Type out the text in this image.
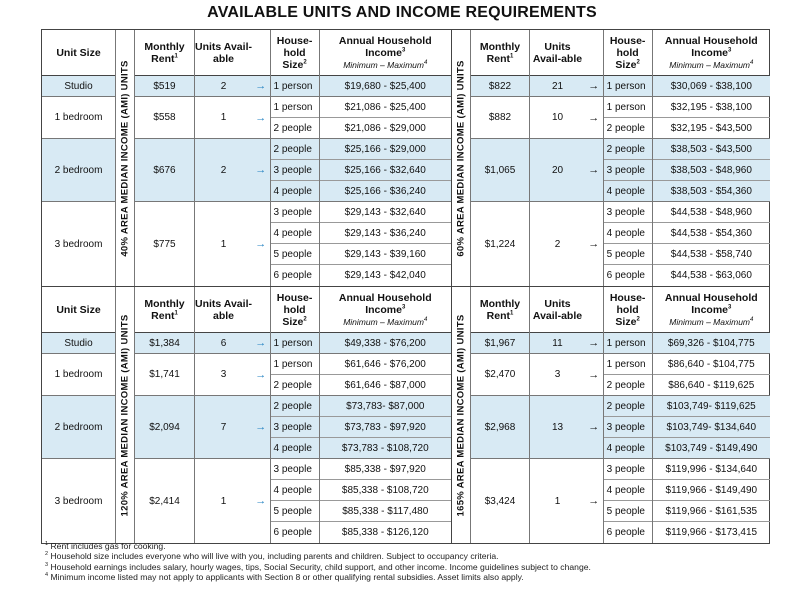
AVAILABLE UNITS AND INCOME REQUIREMENTS
Unit Size
Studio
1 bedroom
2 bedroom
3 bedroom	40% AREA MEDIAN INCOME (AMI) UNITS
Monthly Rent$^1$
$519
$558
$676
$775
Units Avail-able
2
1
2
1
→
→
→
→
House-hold Size$^2$
1 person
1 person
2 people
2 people
3 people
4 people
3 people
4 people
5 people
6 people
Annual Household Income$^3$
Minimum – Maximum$^4$
$19,680 - $25,400
$21,086 - $25,400
$21,086 - $29,000
$25,166 - $29,000
$25,166 - $32,640
$25,166 - $36,240
$29,143 - $32,640
$29,143 - $36,240
$29,143 - $39,160
$29,143 - $42,040
60% AREA MEDIAN INCOME (AMI) UNITS
Monthly Rent$^1$
$822
$882
$1,065
$1,224
Units Avail-able
21
10
20
2
→
→
→
→
House-hold Size$^2$
1 person
1 person
2 people
2 people
3 people
4 people
3 people
4 people
5 people
6 people
Annual Household Income$^3$
Minimum – Maximum$^4$
$30,069 - $38,100
$32,195 - $38,100
$32,195 - $43,500
$38,503 - $43,500
$38,503 - $48,960
$38,503 - $54,360
$44,538 - $48,960
$44,538 - $54,360
$44,538 - $58,740
$44,538 - $63,060
Unit Size
Studio
1 bedroom
2 bedroom
3 bedroom	120% AREA MEDIAN INCOME (AMI) UNITS
Monthly Rent$^1$
$1,384
$1,741
$2,094
$2,414
Units Avail-able
6
3
7
1
→
→
→
→
House-hold Size$^2$
1 person
1 person
2 people
2 people
3 people
4 people
3 people
4 people
5 people
6 people
Annual Household Income$^3$
Minimum – Maximum$^4$
$49,338 - $76,200
$61,646 - $76,200
$61,646 - $87,000
$73,783- $87,000
$73,783 - $97,920
$73,783 - $108,720
$85,338 - $97,920
$85,338 - $108,720
$85,338 - $117,480
$85,338 - $126,120
165% AREA MEDIAN INCOME (AMI) UNITS
Monthly Rent$^1$
$1,967
$2,470
$2,968
$3,424
Units Avail-able
11
3
13
1
→
→
→
→
House-hold Size$^2$
1 person
1 person
2 people
2 people
3 people
4 people
3 people
4 people
5 people
6 people
Annual Household Income$^3$
Minimum – Maximum$^4$
$69,326 - $104,775
$86,640 - $104,775
$86,640 - $119,625
$103,749- $119,625
$103,749- $134,640
$103,749 - $149,490
$119,996 - $134,640
$119,966 - $149,490
$119,966 - $161,535
$119,966 - $173,415
$^1$ Rent includes gas for cooking.
$^2$ Household size includes everyone who will live with you, including parents and children. Subject to occupancy criteria.
$^3$ Household earnings includes salary, hourly wages, tips, Social Security, child support, and other income. Income guidelines subject to change.
$^4$ Minimum income listed may not apply to applicants with Section 8 or other qualifying rental subsidies. Asset limits also apply.
